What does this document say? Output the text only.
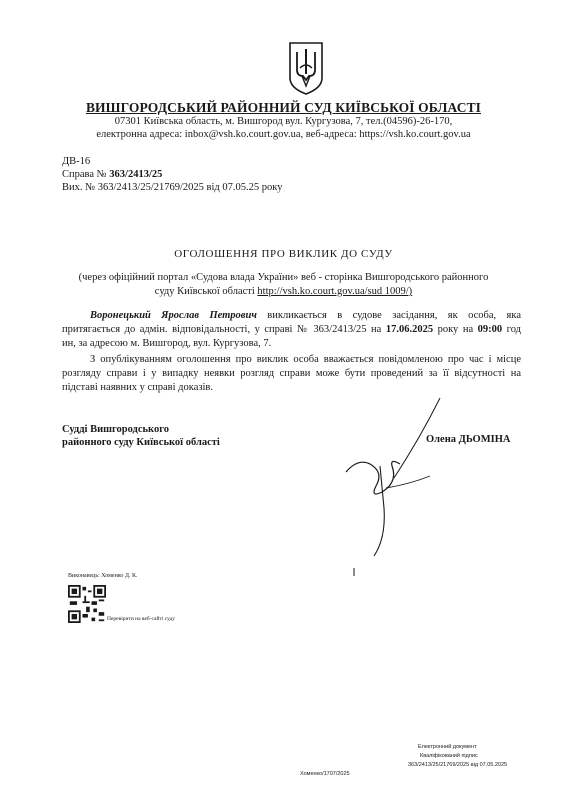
ВИШГОРОДСЬКИЙ РАЙОННИЙ СУД КИЇВСЬКОЇ ОБЛАСТІ
07301 Київська область, м. Вишгород вул. Кургузова, 7, тел.(04596)-26-170,
електронна адреса: inbox@vsh.ko.court.gov.ua, веб-адреса: https://vsh.ko.court.gov.ua
ДВ-16
Справа № 363/2413/25
Вих. № 363/2413/25/21769/2025 від 07.05.25 року
ОГОЛОШЕННЯ ПРО ВИКЛИК ДО СУДУ
(через офіційний портал «Судова влада України» веб - сторінка Вишгородського районного
суду Київської області http://vsh.ko.court.gov.ua/sud 1009/)
Воронецький Ярослав Петрович викликається в судове засідання, як особа, яка
притягається до адмін. відповідальності, у справі № 363/2413/25 на 17.06.2025 року на 09:00 год
ин, за адресою м. Вишгород, вул. Кургузова, 7.
З опублікуванням оголошення про виклик особа вважається повідомленою про час і місце
розгляду справи і у випадку неявки розгляд справи може бути проведений за її відсутності на
підставі наявних у справі доказів.
Судді Вишгородського
районного суду Київської області	Олена ДЬОМІНА
Виконавець: Хоменко Д. К.
Перевірити на веб-сайті суду
Електронний документ
Кваліфікований підпис
363/2413/25/21769/2025 від 07.05.2025
Хоменко/1707/2025
